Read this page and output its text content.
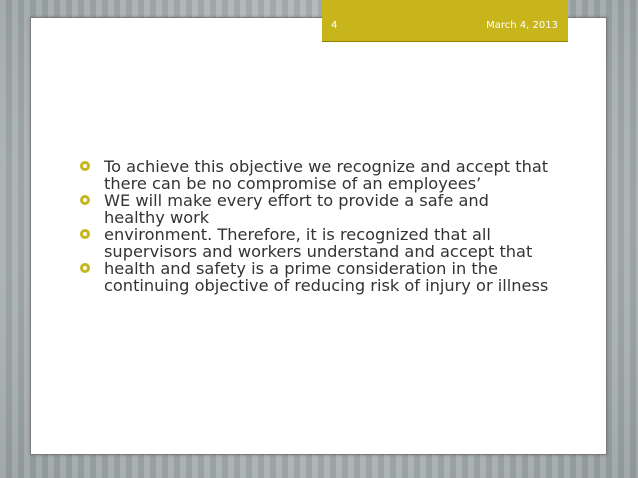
4	March 4, 2013
To achieve this objective we recognize and accept that there can be no compromise of an employees’
WE will make every effort to provide a safe and healthy work
environment. Therefore, it is recognized that all supervisors and workers understand and accept that
health and safety is a prime consideration in the continuing objective of reducing risk of injury or illness
